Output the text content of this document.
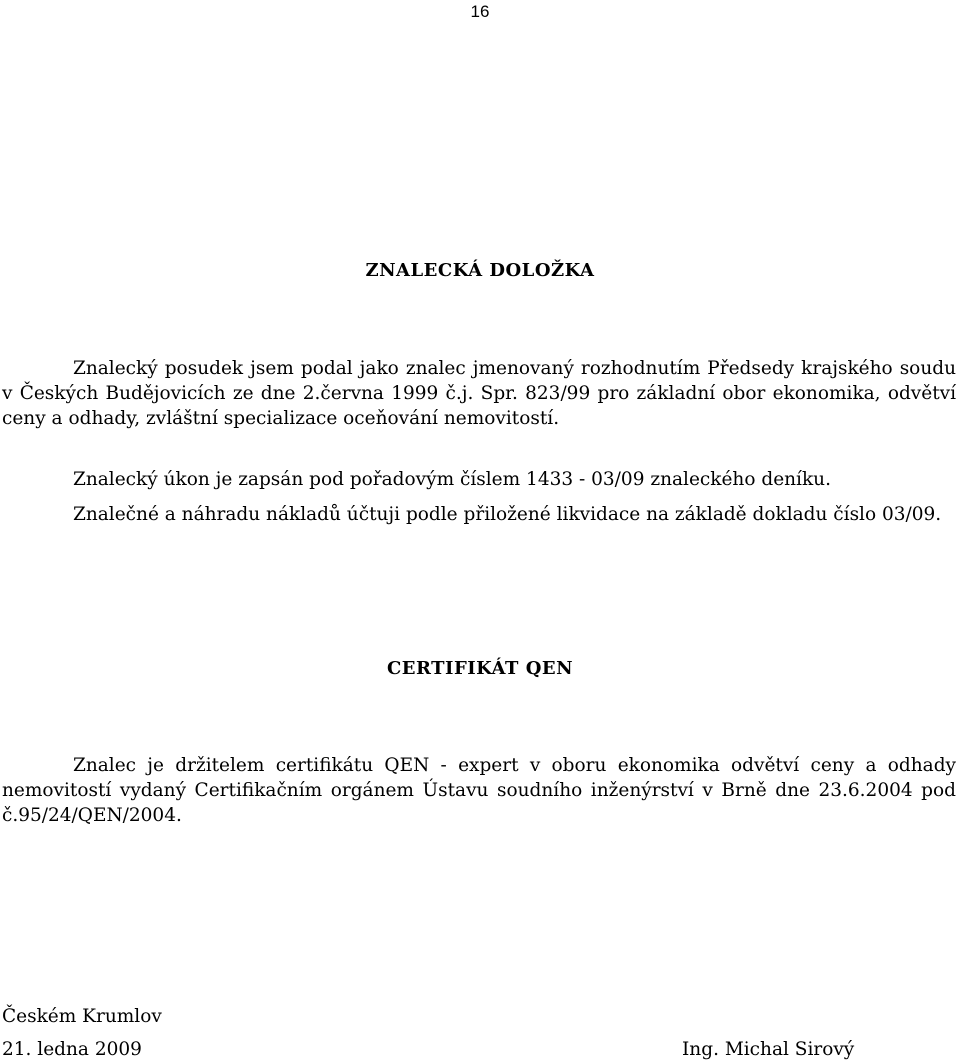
16
ZNALECKÁ DOLOŽKA
Znalecký posudek jsem podal jako znalec jmenovaný rozhodnutím Předsedy krajského soudu v Českých Budějovicích ze dne 2.června 1999 č.j. Spr. 823/99 pro základní obor ekonomika, odvětví ceny a odhady, zvláštní specializace oceňování nemovitostí.
Znalecký úkon je zapsán pod pořadovým číslem 1433 - 03/09 znaleckého deníku.
Znalečné a náhradu nákladů účtuji podle přiložené likvidace na základě dokladu číslo 03/09.
CERTIFIKÁT QEN
Znalec je držitelem certifikátu QEN - expert v oboru ekonomika odvětví ceny a odhady nemovitostí vydaný Certifikačním orgánem Ústavu soudního inženýrství v Brně dne 23.6.2004 pod č.95/24/QEN/2004.
Českém Krumlov
21. ledna 2009	Ing. Michal Sirový
